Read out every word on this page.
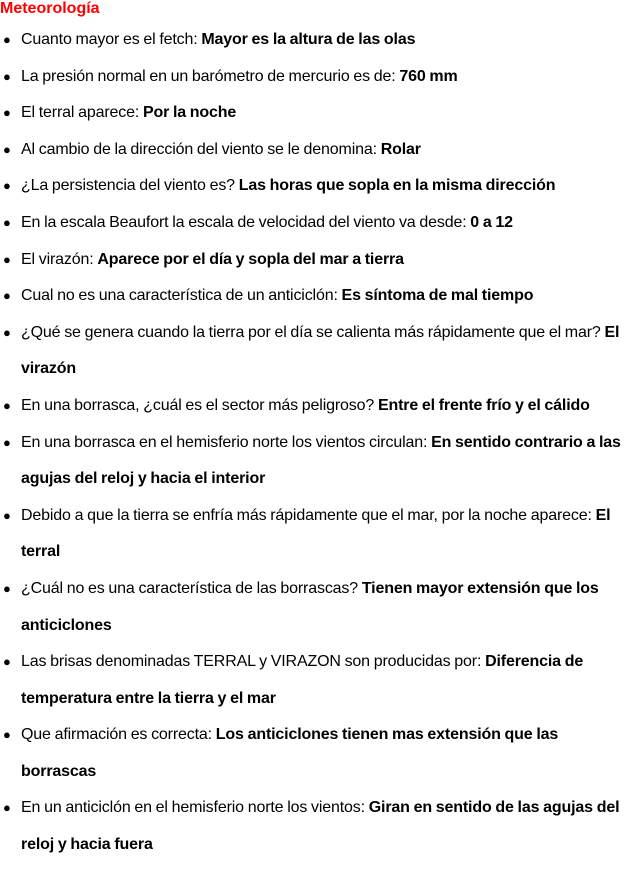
Meteorología
● Cuanto mayor es el fetch: Mayor es la altura de las olas
● La presión normal en un barómetro de mercurio es de: 760 mm
● El terral aparece: Por la noche
● Al cambio de la dirección del viento se le denomina: Rolar
● ¿La persistencia del viento es? Las horas que sopla en la misma dirección
● En la escala Beaufort la escala de velocidad del viento va desde: 0 a 12
● El virazón: Aparece por el día y sopla del mar a tierra
● Cual no es una característica de un anticiclón: Es síntoma de mal tiempo
● ¿Qué se genera cuando la tierra por el día se calienta más rápidamente que el mar? El virazón
● En una borrasca, ¿cuál es el sector más peligroso? Entre el frente frío y el cálido
● En una borrasca en el hemisferio norte los vientos circulan: En sentido contrario a las agujas del reloj y hacia el interior
● Debido a que la tierra se enfría más rápidamente que el mar, por la noche aparece: El terral
● ¿Cuál no es una característica de las borrascas? Tienen mayor extensión que los anticiclones
● Las brisas denominadas TERRAL y VIRAZON son producidas por: Diferencia de temperatura entre la tierra y el mar
● Que afirmación es correcta: Los anticiclones tienen mas extensión que las borrascas
● En un anticiclón en el hemisferio norte los vientos: Giran en sentido de las agujas del reloj y hacia fuera
